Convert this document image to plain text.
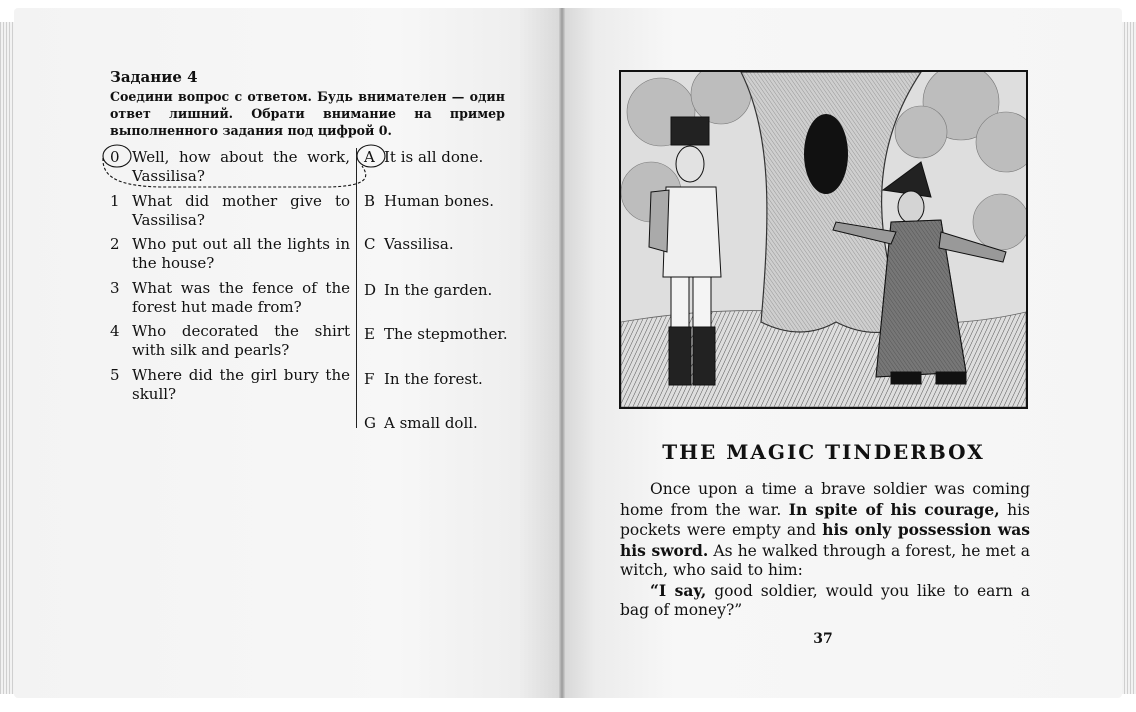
Задание 4
Соедини вопрос с ответом. Будь внимателен — один ответ лишний. Обрати внимание на пример выполненного задания под цифрой 0.
0 Well, how about the work, Vassilisa?
1 What did mother give to Vassilisa?
2 Who put out all the lights in the house?
3 What was the fence of the forest hut made from?
4 Who decorated the shirt with silk and pearls?
5 Where did the girl bury the skull?
A It is all done.
B Human bones.
C Vassilisa.
D In the garden.
E The stepmother.
F In the forest.
G A small doll.
THE MAGIC TINDERBOX

Once upon a time a brave soldier was coming home from the war. In spite of his courage, his pockets were empty and his only possession was his sword. As he walked through a forest, he met a witch, who said to him:

“I say, good soldier, would you like to earn a bag of money?”

37
